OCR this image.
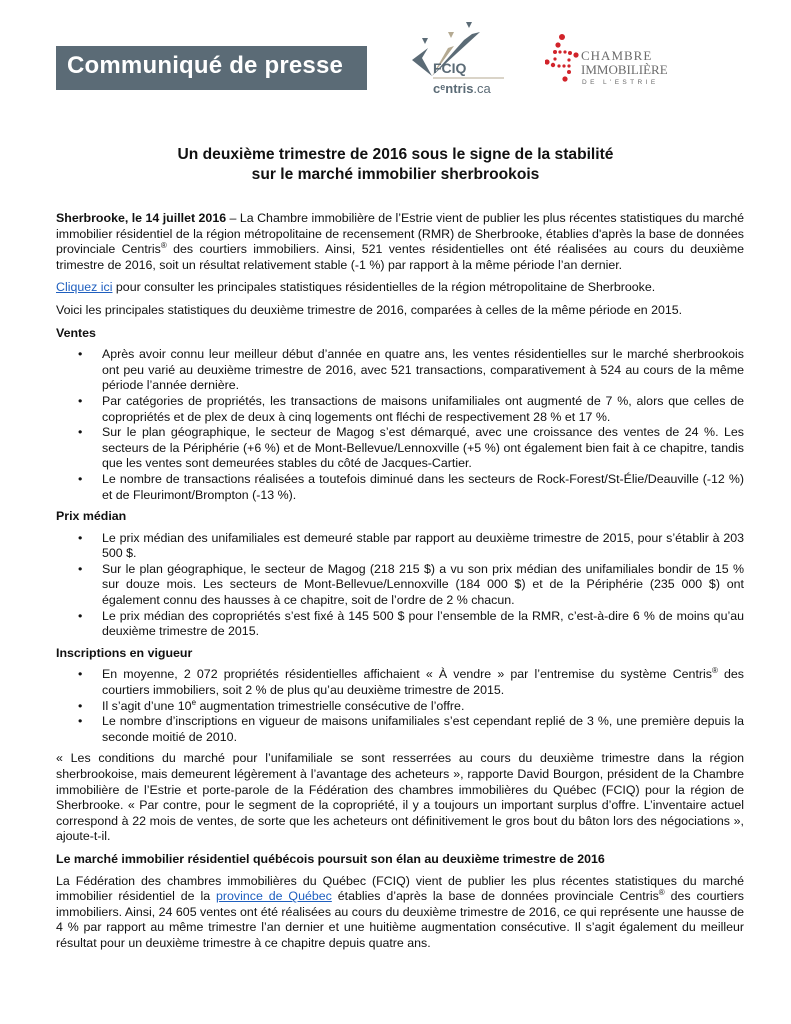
Communiqué de presse	FCIQ
$c^entris.ca$
CHAMBRE
IMMOBILIÈRE
DE L'ESTRIE
Un deuxième trimestre de 2016 sous le signe de la stabilité
sur le marché immobilier sherbrookois

Sherbrooke, le 14 juillet 2016 – La Chambre immobilière de l’Estrie vient de publier les plus récentes statistiques du marché immobilier résidentiel de la région métropolitaine de recensement (RMR) de Sherbrooke, établies d'après la base de données provinciale Centris® des courtiers immobiliers. Ainsi, 521 ventes résidentielles ont été réalisées au cours du deuxième trimestre de 2016, soit un résultat relativement stable (-1 %) par rapport à la même période l’an dernier.

Cliquez ici pour consulter les principales statistiques résidentielles de la région métropolitaine de Sherbrooke.

Voici les principales statistiques du deuxième trimestre de 2016, comparées à celles de la même période en 2015.

Ventes
• Après avoir connu leur meilleur début d’année en quatre ans, les ventes résidentielles sur le marché sherbrookois ont peu varié au deuxième trimestre de 2016, avec 521 transactions, comparativement à 524 au cours de la même période l’année dernière.
• Par catégories de propriétés, les transactions de maisons unifamiliales ont augmenté de 7 %, alors que celles de copropriétés et de plex de deux à cinq logements ont fléchi de respectivement 28 % et 17 %.
• Sur le plan géographique, le secteur de Magog s’est démarqué, avec une croissance des ventes de 24 %. Les secteurs de la Périphérie (+6 %) et de Mont-Bellevue/Lennoxville (+5 %) ont également bien fait à ce chapitre, tandis que les ventes sont demeurées stables du côté de Jacques-Cartier.
• Le nombre de transactions réalisées a toutefois diminué dans les secteurs de Rock-Forest/St-Élie/Deauville (-12 %) et de Fleurimont/Brompton (-13 %).
Prix médian
• Le prix médian des unifamiliales est demeuré stable par rapport au deuxième trimestre de 2015, pour s’établir à 203 500 $.
• Sur le plan géographique, le secteur de Magog (218 215 $) a vu son prix médian des unifamiliales bondir de 15 % sur douze mois. Les secteurs de Mont-Bellevue/Lennoxville (184 000 $) et de la Périphérie (235 000 $) ont également connu des hausses à ce chapitre, soit de l’ordre de 2 % chacun.
• Le prix médian des copropriétés s’est fixé à 145 500 $ pour l’ensemble de la RMR, c’est-à-dire 6 % de moins qu’au deuxième trimestre de 2015.
Inscriptions en vigueur
• En moyenne, 2 072 propriétés résidentielles affichaient « À vendre » par l’entremise du système Centris® des courtiers immobiliers, soit 2 % de plus qu’au deuxième trimestre de 2015.
• Il s’agit d’une 10e augmentation trimestrielle consécutive de l’offre.
• Le nombre d’inscriptions en vigueur de maisons unifamiliales s’est cependant replié de 3 %, une première depuis la seconde moitié de 2010.

« Les conditions du marché pour l’unifamiliale se sont resserrées au cours du deuxième trimestre dans la région sherbrookoise, mais demeurent légèrement à l’avantage des acheteurs », rapporte David Bourgon, président de la Chambre immobilière de l’Estrie et porte-parole de la Fédération des chambres immobilières du Québec (FCIQ) pour la région de Sherbrooke. « Par contre, pour le segment de la copropriété, il y a toujours un important surplus d’offre. L’inventaire actuel correspond à 22 mois de ventes, de sorte que les acheteurs ont définitivement le gros bout du bâton lors des négociations », ajoute-t-il.

Le marché immobilier résidentiel québécois poursuit son élan au deuxième trimestre de 2016

La Fédération des chambres immobilières du Québec (FCIQ) vient de publier les plus récentes statistiques du marché immobilier résidentiel de la province de Québec établies d’après la base de données provinciale Centris® des courtiers immobiliers. Ainsi, 24 605 ventes ont été réalisées au cours du deuxième trimestre de 2016, ce qui représente une hausse de 4 % par rapport au même trimestre l’an dernier et une huitième augmentation consécutive. Il s’agit également du meilleur résultat pour un deuxième trimestre à ce chapitre depuis quatre ans.
